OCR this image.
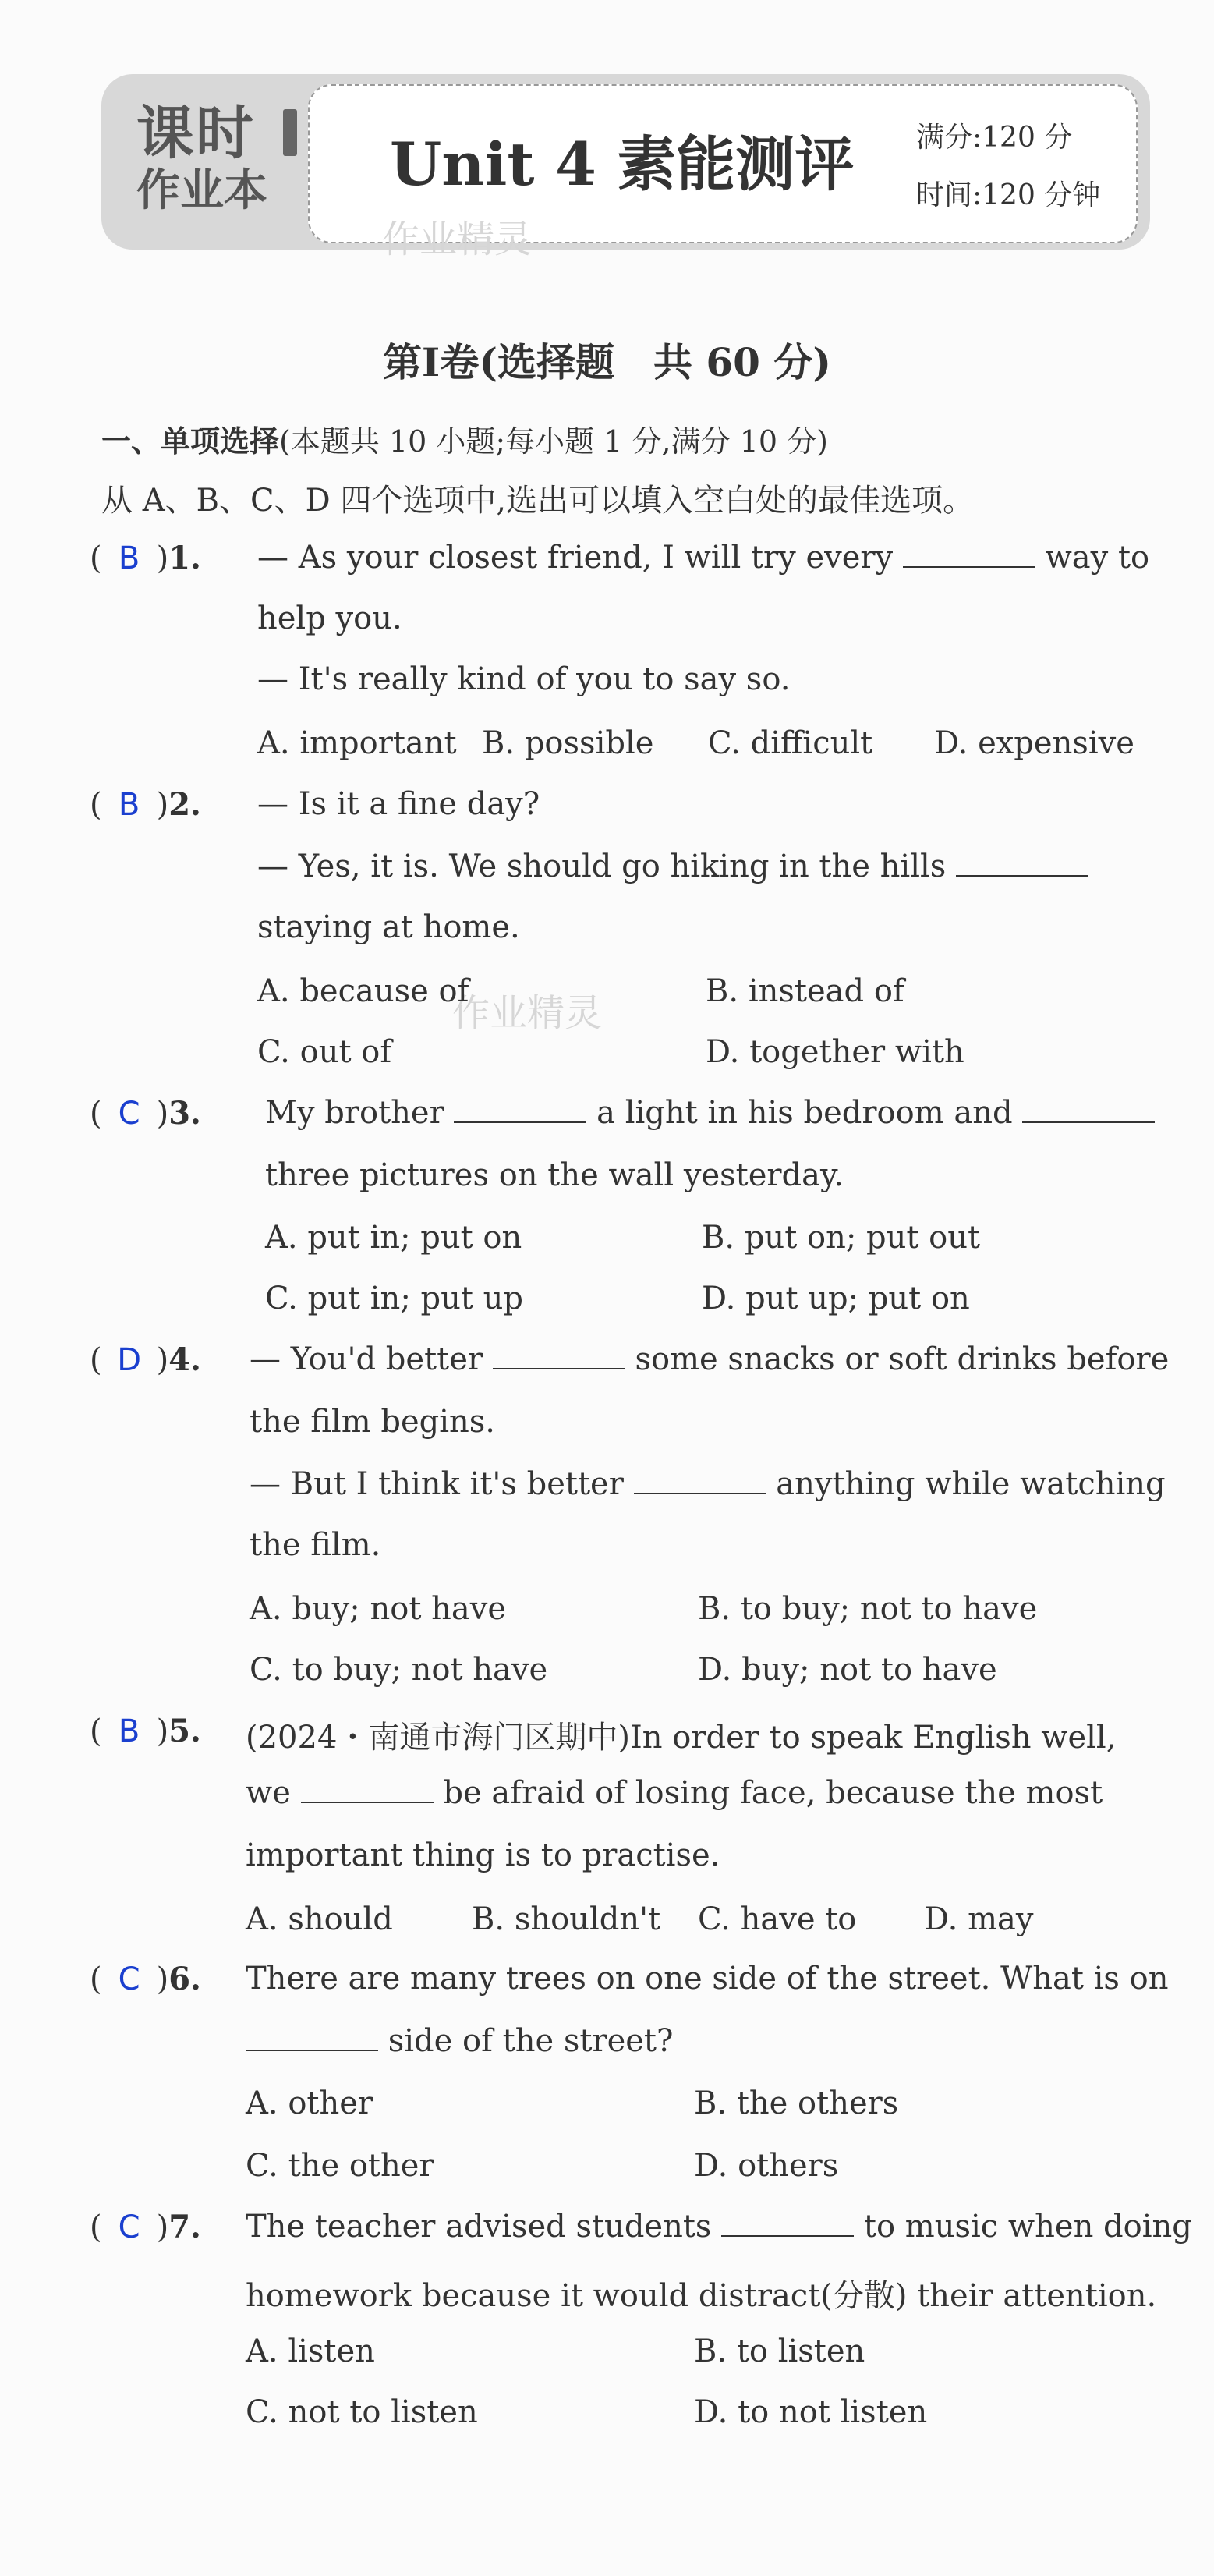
课时
作业本	Unit 4 素能测评 满分:120 分
时间:120 分钟
作业精灵
作业精灵
第Ⅰ卷(选择题　共 60 分)
一、单项选择(本题共 10 小题;每小题 1 分,满分 10 分)
从 A、B、C、D 四个选项中,选出可以填入空白处的最佳选项。
( B )1. — As your closest friend, I will try every	way to
help you.
— It's really kind of you to say so.
A. important B. possible C. difficult D. expensive
( B )2. — Is it a fine day?
— Yes, it is. We should go hiking in the hills
staying at home.
A. because of	B. instead of
C. out of	D. together with
( C )3. My brother	a light in his bedroom and
three pictures on the wall yesterday.
A. put in; put on	B. put on; put out
C. put in; put up	D. put up; put on
( D )4. — You'd better	some snacks or soft drinks before
the film begins.
— But I think it's better	anything while watching
the film.
A. buy; not have	B. to buy; not to have
C. to buy; not have	D. buy; not to have
( B )5. (2024・南通市海门区期中)In order to speak English well,
we	be afraid of losing face, because the most
important thing is to practise.
A. should	B. shouldn't C. have to D. may
( C )6. There are many trees on one side of the street. What is on
side of the street?
A. other	B. the others
C. the other	D. others
( C )7. The teacher advised students	to music when doing
homework because it would distract(分散) their attention.
A. listen	B. to listen
C. not to listen	D. to not listen
